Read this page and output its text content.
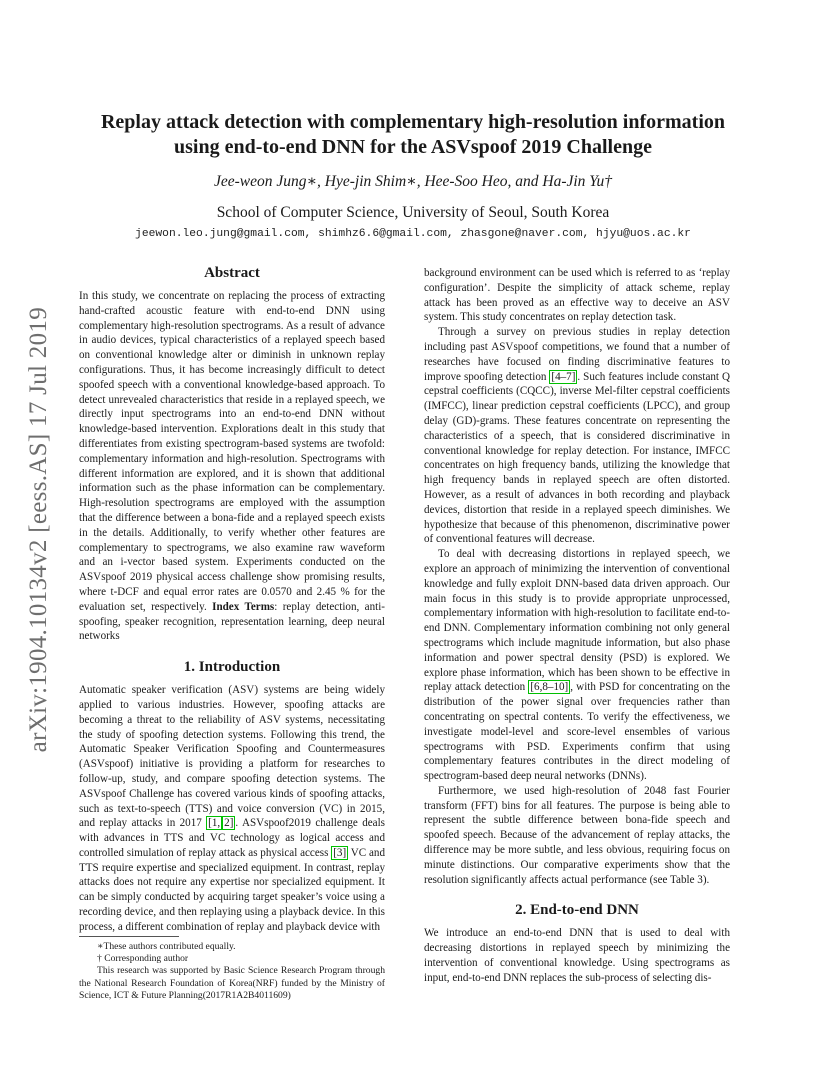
arXiv:1904.10134v2 [eess.AS] 17 Jul 2019
Replay attack detection with complementary high-resolution information
using end-to-end DNN for the ASVspoof 2019 Challenge
Jee-weon Jung∗, Hye-jin Shim∗, Hee-Soo Heo, and Ha-Jin Yu†
School of Computer Science, University of Seoul, South Korea
jeewon.leo.jung@gmail.com, shimhz6.6@gmail.com, zhasgone@naver.com, hjyu@uos.ac.kr
Abstract

In this study, we concentrate on replacing the process of extracting hand-crafted acoustic feature with end-to-end DNN using complementary high-resolution spectrograms. As a result of advance in audio devices, typical characteristics of a replayed speech based on conventional knowledge alter or diminish in unknown replay configurations. Thus, it has become increasingly difficult to detect spoofed speech with a conventional knowledge-based approach. To detect unrevealed characteristics that reside in a replayed speech, we directly input spectrograms into an end-to-end DNN without knowledge-based intervention. Explorations dealt in this study that differentiates from existing spectrogram-based systems are twofold: complementary information and high-resolution. Spectrograms with different information are explored, and it is shown that additional information such as the phase information can be complementary. High-resolution spectrograms are employed with the assumption that the difference between a bona-fide and a replayed speech exists in the details. Additionally, to verify whether other features are complementary to spectrograms, we also examine raw waveform and an i-vector based system. Experiments conducted on the ASVspoof 2019 physical access challenge show promising results, where t-DCF and equal error rates are 0.0570 and 2.45 % for the evaluation set, respectively. Index Terms: replay detection, anti-spoofing, speaker recognition, representation learning, deep neural networks

1. Introduction

Automatic speaker verification (ASV) systems are being widely applied to various industries. However, spoofing attacks are becoming a threat to the reliability of ASV systems, necessitating the study of spoofing detection systems. Following this trend, the Automatic Speaker Verification Spoofing and Countermeasures (ASVspoof) initiative is providing a platform for researches to follow-up, study, and compare spoofing detection systems. The ASVspoof Challenge has covered various kinds of spoofing attacks, such as text-to-speech (TTS) and voice conversion (VC) in 2015, and replay attacks in 2017 [1, 2] . ASVspoof2019 challenge deals with advances in TTS and VC technology as logical access and controlled simulation of replay attack as physical access [3] VC and TTS require expertise and specialized equipment. In contrast, replay attacks does not require any expertise nor specialized equipment. It can be simply conducted by acquiring target speaker’s voice using a recording device, and then replaying using a playback device. In this process, a different combination of replay and playback device with

∗These authors contributed equally.

† Corresponding author

This research was supported by Basic Science Research Program through the National Research Foundation of Korea(NRF) funded by the Ministry of Science, ICT & Future Planning(2017R1A2B4011609)

background environment can be used which is referred to as ‘replay configuration’. Despite the simplicity of attack scheme, replay attack has been proved as an effective way to deceive an ASV system. This study concentrates on replay detection task.

Through a survey on previous studies in replay detection including past ASVspoof competitions, we found that a number of researches have focused on finding discriminative features to improve spoofing detection [4–7] . Such features include constant Q cepstral coefficients (CQCC), inverse Mel-filter cepstral coefficients (IMFCC), linear prediction cepstral coefficients (LPCC), and group delay (GD)-grams. These features concentrate on representing the characteristics of a speech, that is considered discriminative in conventional knowledge for replay detection. For instance, IMFCC concentrates on high frequency bands, utilizing the knowledge that high frequency bands in replayed speech are often distorted. However, as a result of advances in both recording and playback devices, distortion that reside in a replayed speech diminishes. We hypothesize that because of this phenomenon, discriminative power of conventional features will decrease.

To deal with decreasing distortions in replayed speech, we explore an approach of minimizing the intervention of conventional knowledge and fully exploit DNN-based data driven approach. Our main focus in this study is to provide appropriate unprocessed, complementary information with high-resolution to facilitate end-to-end DNN. Complementary information combining not only general spectrograms which include magnitude information, but also phase information and power spectral density (PSD) is explored. We explore phase information, which has been shown to be effective in replay attack detection [6,8–10] , with PSD for concentrating on the distribution of the power signal over frequencies rather than concentrating on spectral contents. To verify the effectiveness, we investigate model-level and score-level ensembles of various spectrograms with PSD. Experiments confirm that using complementary features contributes in the direct modeling of spectrogram-based deep neural networks (DNNs).

Furthermore, we used high-resolution of 2048 fast Fourier transform (FFT) bins for all features. The purpose is being able to represent the subtle difference between bona-fide speech and spoofed speech. Because of the advancement of replay attacks, the difference may be more subtle, and less obvious, requiring focus on minute distinctions. Our comparative experiments show that the resolution significantly affects actual performance (see Table 3).

2. End-to-end DNN

We introduce an end-to-end DNN that is used to deal with decreasing distortions in replayed speech by minimizing the intervention of conventional knowledge. Using spectrograms as input, end-to-end DNN replaces the sub-process of selecting dis-
